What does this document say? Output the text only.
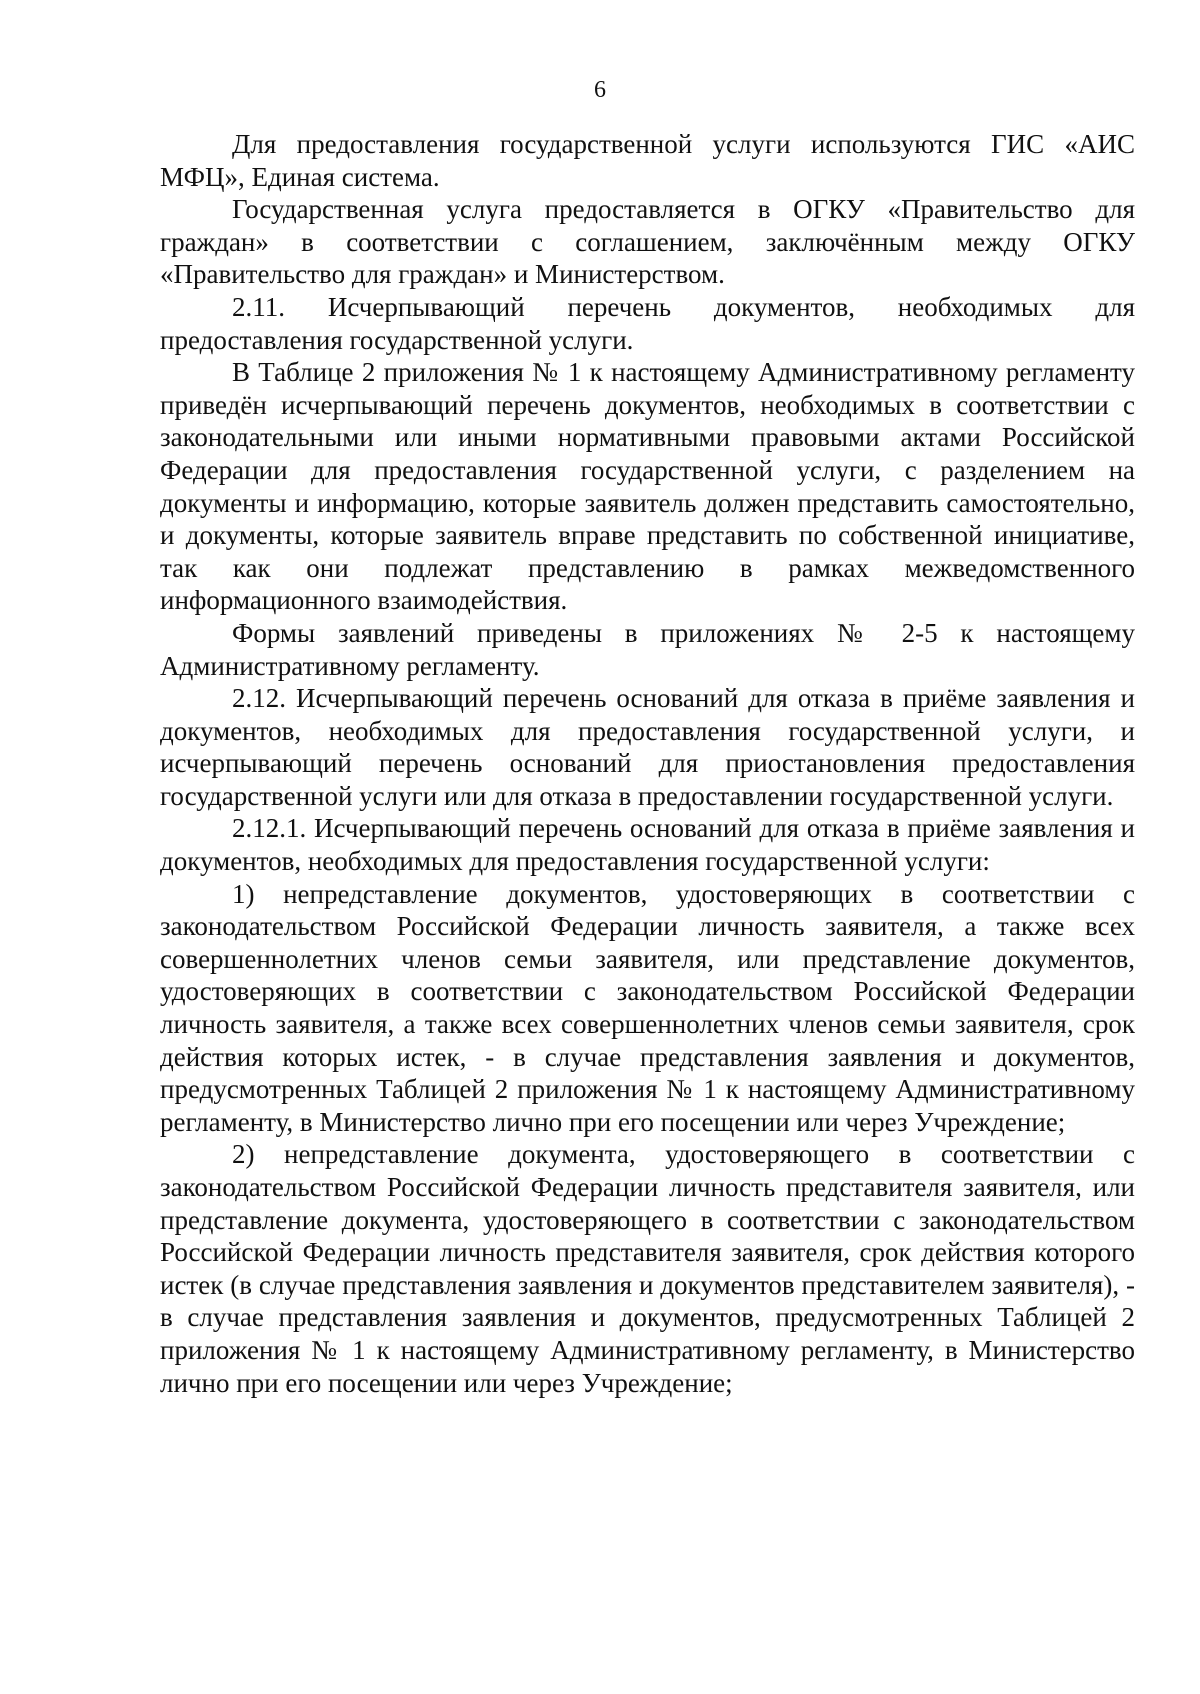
6

Для предоставления государственной услуги используются ГИС «АИС МФЦ», Единая система.

Государственная услуга предоставляется в ОГКУ «Правительство для граждан» в соответствии с соглашением, заключённым между ОГКУ «Правительство для граждан» и Министерством.

2.11. Исчерпывающий перечень документов, необходимых для предоставления государственной услуги.

В Таблице 2 приложения № 1 к настоящему Административному регламенту приведён исчерпывающий перечень документов, необходимых в соответствии с законодательными или иными нормативными правовыми актами Российской Федерации для предоставления государственной услуги, с разделением на документы и информацию, которые заявитель должен представить самостоятельно, и документы, которые заявитель вправе представить по собственной инициативе, так как они подлежат представлению в рамках межведомственного информационного взаимодействия.

Формы заявлений приведены в приложениях № 2-5 к настоящему Административному регламенту.

2.12. Исчерпывающий перечень оснований для отказа в приёме заявления и документов, необходимых для предоставления государственной услуги, и исчерпывающий перечень оснований для приостановления предоставления государственной услуги или для отказа в предоставлении государственной услуги.

2.12.1. Исчерпывающий перечень оснований для отказа в приёме заявления и документов, необходимых для предоставления государственной услуги:

1) непредставление документов, удостоверяющих в соответствии с законодательством Российской Федерации личность заявителя, а также всех совершеннолетних членов семьи заявителя, или представление документов, удостоверяющих в соответствии с законодательством Российской Федерации личность заявителя, а также всех совершеннолетних членов семьи заявителя, срок действия которых истек, - в случае представления заявления и документов, предусмотренных Таблицей 2 приложения № 1 к настоящему Административному регламенту, в Министерство лично при его посещении или через Учреждение;

2) непредставление документа, удостоверяющего в соответствии с законодательством Российской Федерации личность представителя заявителя, или представление документа, удостоверяющего в соответствии с законодательством Российской Федерации личность представителя заявителя, срок действия которого истек (в случае представления заявления и документов представителем заявителя), - в случае представления заявления и документов, предусмотренных Таблицей 2 приложения № 1 к настоящему Административному регламенту, в Министерство лично при его посещении или через Учреждение;
